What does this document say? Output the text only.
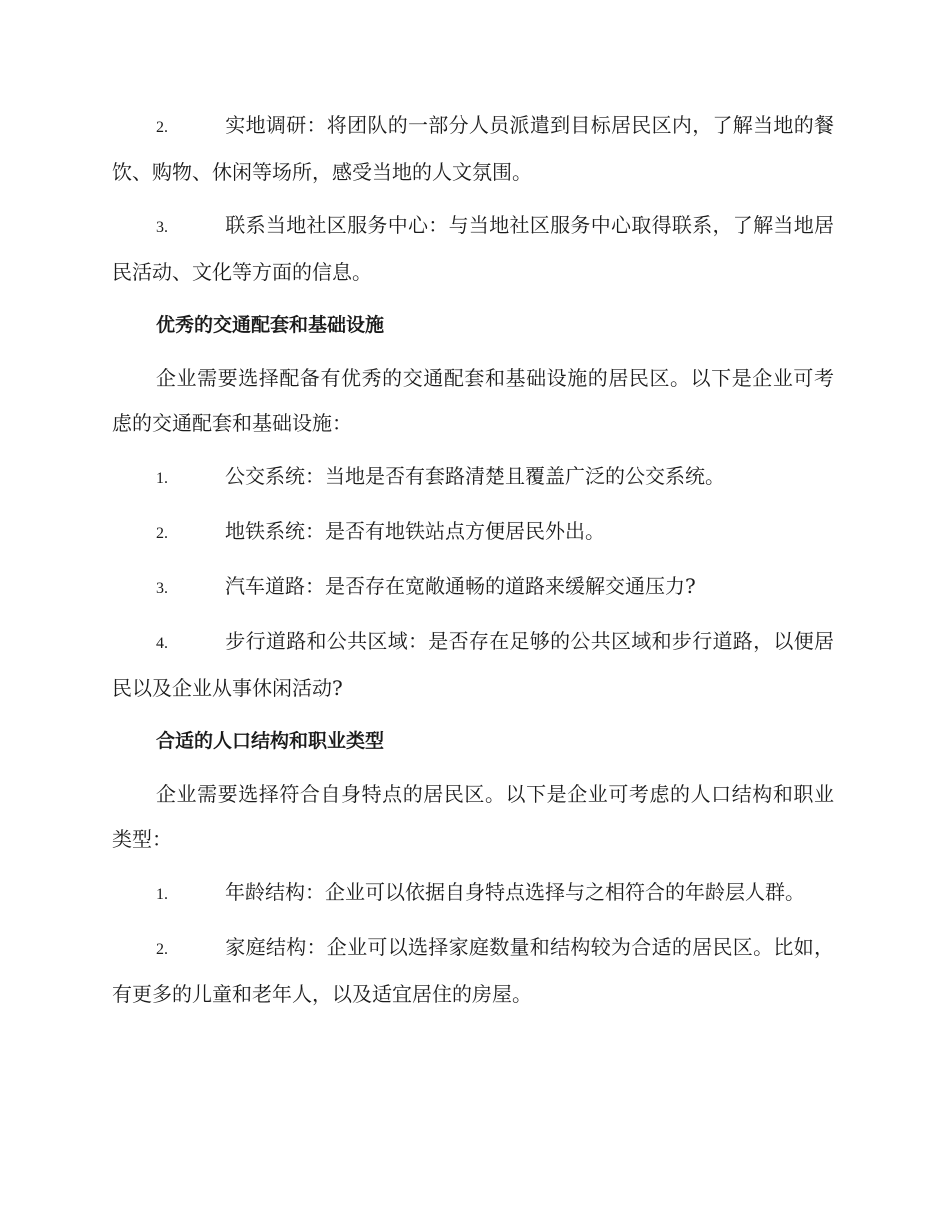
2.	实地调研：将团队的一部分人员派遣到目标居民区内，了解当地的餐饮、购物、休闲等场所，感受当地的人文氛围。
3.	联系当地社区服务中心：与当地社区服务中心取得联系，了解当地居民活动、文化等方面的信息。
优秀的交通配套和基础设施
企业需要选择配备有优秀的交通配套和基础设施的居民区。以下是企业可考虑的交通配套和基础设施：
1.	公交系统：当地是否有套路清楚且覆盖广泛的公交系统。
2.	地铁系统：是否有地铁站点方便居民外出。
3.	汽车道路：是否存在宽敞通畅的道路来缓解交通压力?
4.	步行道路和公共区域：是否存在足够的公共区域和步行道路，以便居民以及企业从事休闲活动?
合适的人口结构和职业类型
企业需要选择符合自身特点的居民区。以下是企业可考虑的人口结构和职业类型：
1.	年龄结构：企业可以依据自身特点选择与之相符合的年龄层人群。
2.	家庭结构：企业可以选择家庭数量和结构较为合适的居民区。比如，有更多的儿童和老年人，以及适宜居住的房屋。
